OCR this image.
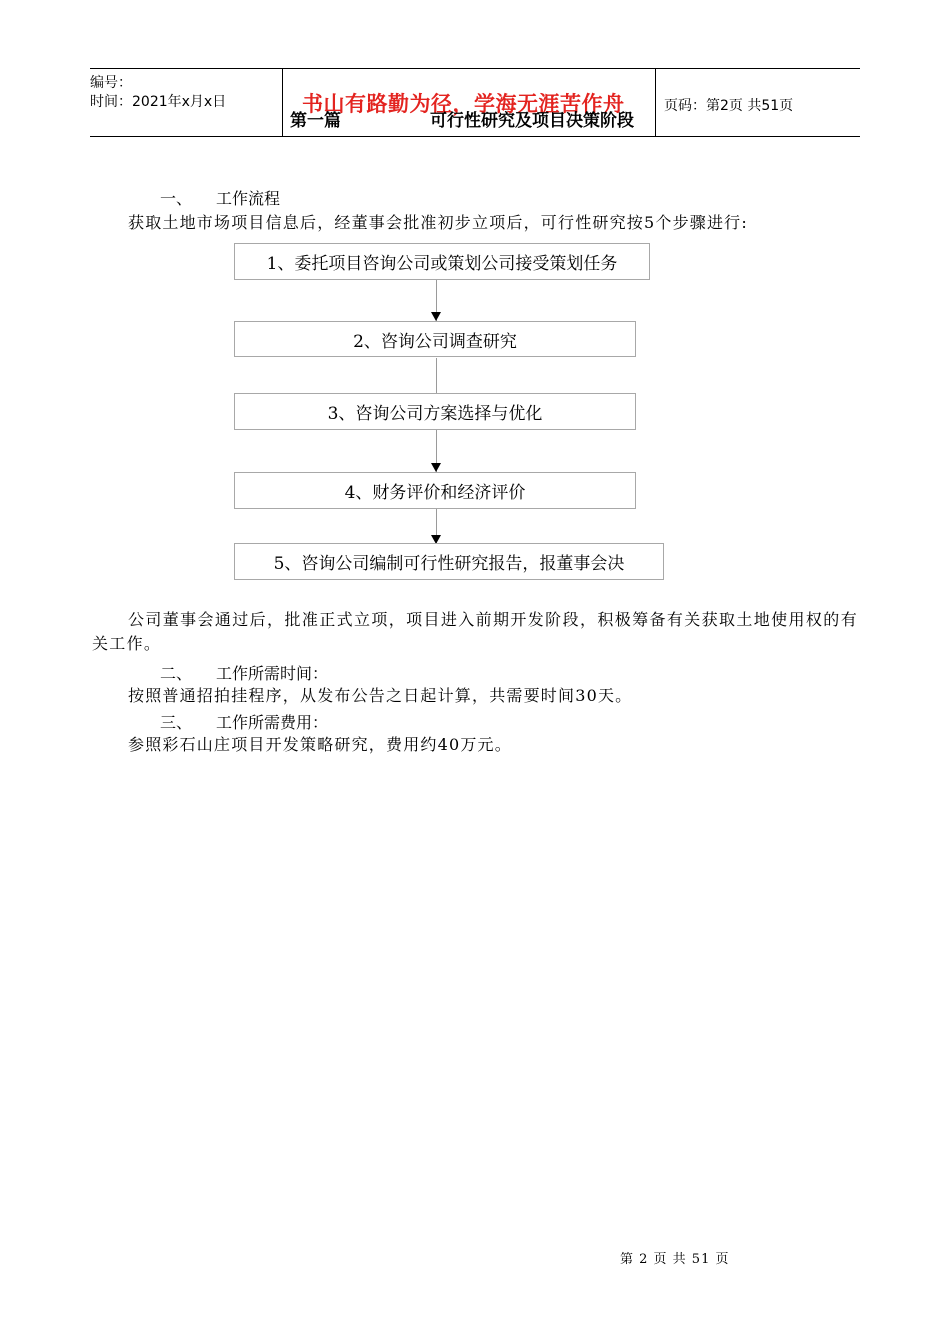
编号：
时间：2021年x月x日	书山有路勤为径，学海无涯苦作舟
第一篇	可行性研究及项目决策阶段
页码：第2页 共51页
一、 工作流程
获取土地市场项目信息后，经董事会批准初步立项后，可行性研究按5个步骤进行:
1、委托项目咨询公司或策划公司接受策划任务
2、咨询公司调查研究
3、咨询公司方案选择与优化
4、财务评价和经济评价
5、咨询公司编制可行性研究报告，报董事会决
公司董事会通过后，批准正式立项，项目进入前期开发阶段，积极筹备有关获取土地使用权的有关工作。
二、 工作所需时间：
按照普通招拍挂程序，从发布公告之日起计算，共需要时间30天。
三、 工作所需费用：
参照彩石山庄项目开发策略研究，费用约40万元。
第 2 页 共 51 页
